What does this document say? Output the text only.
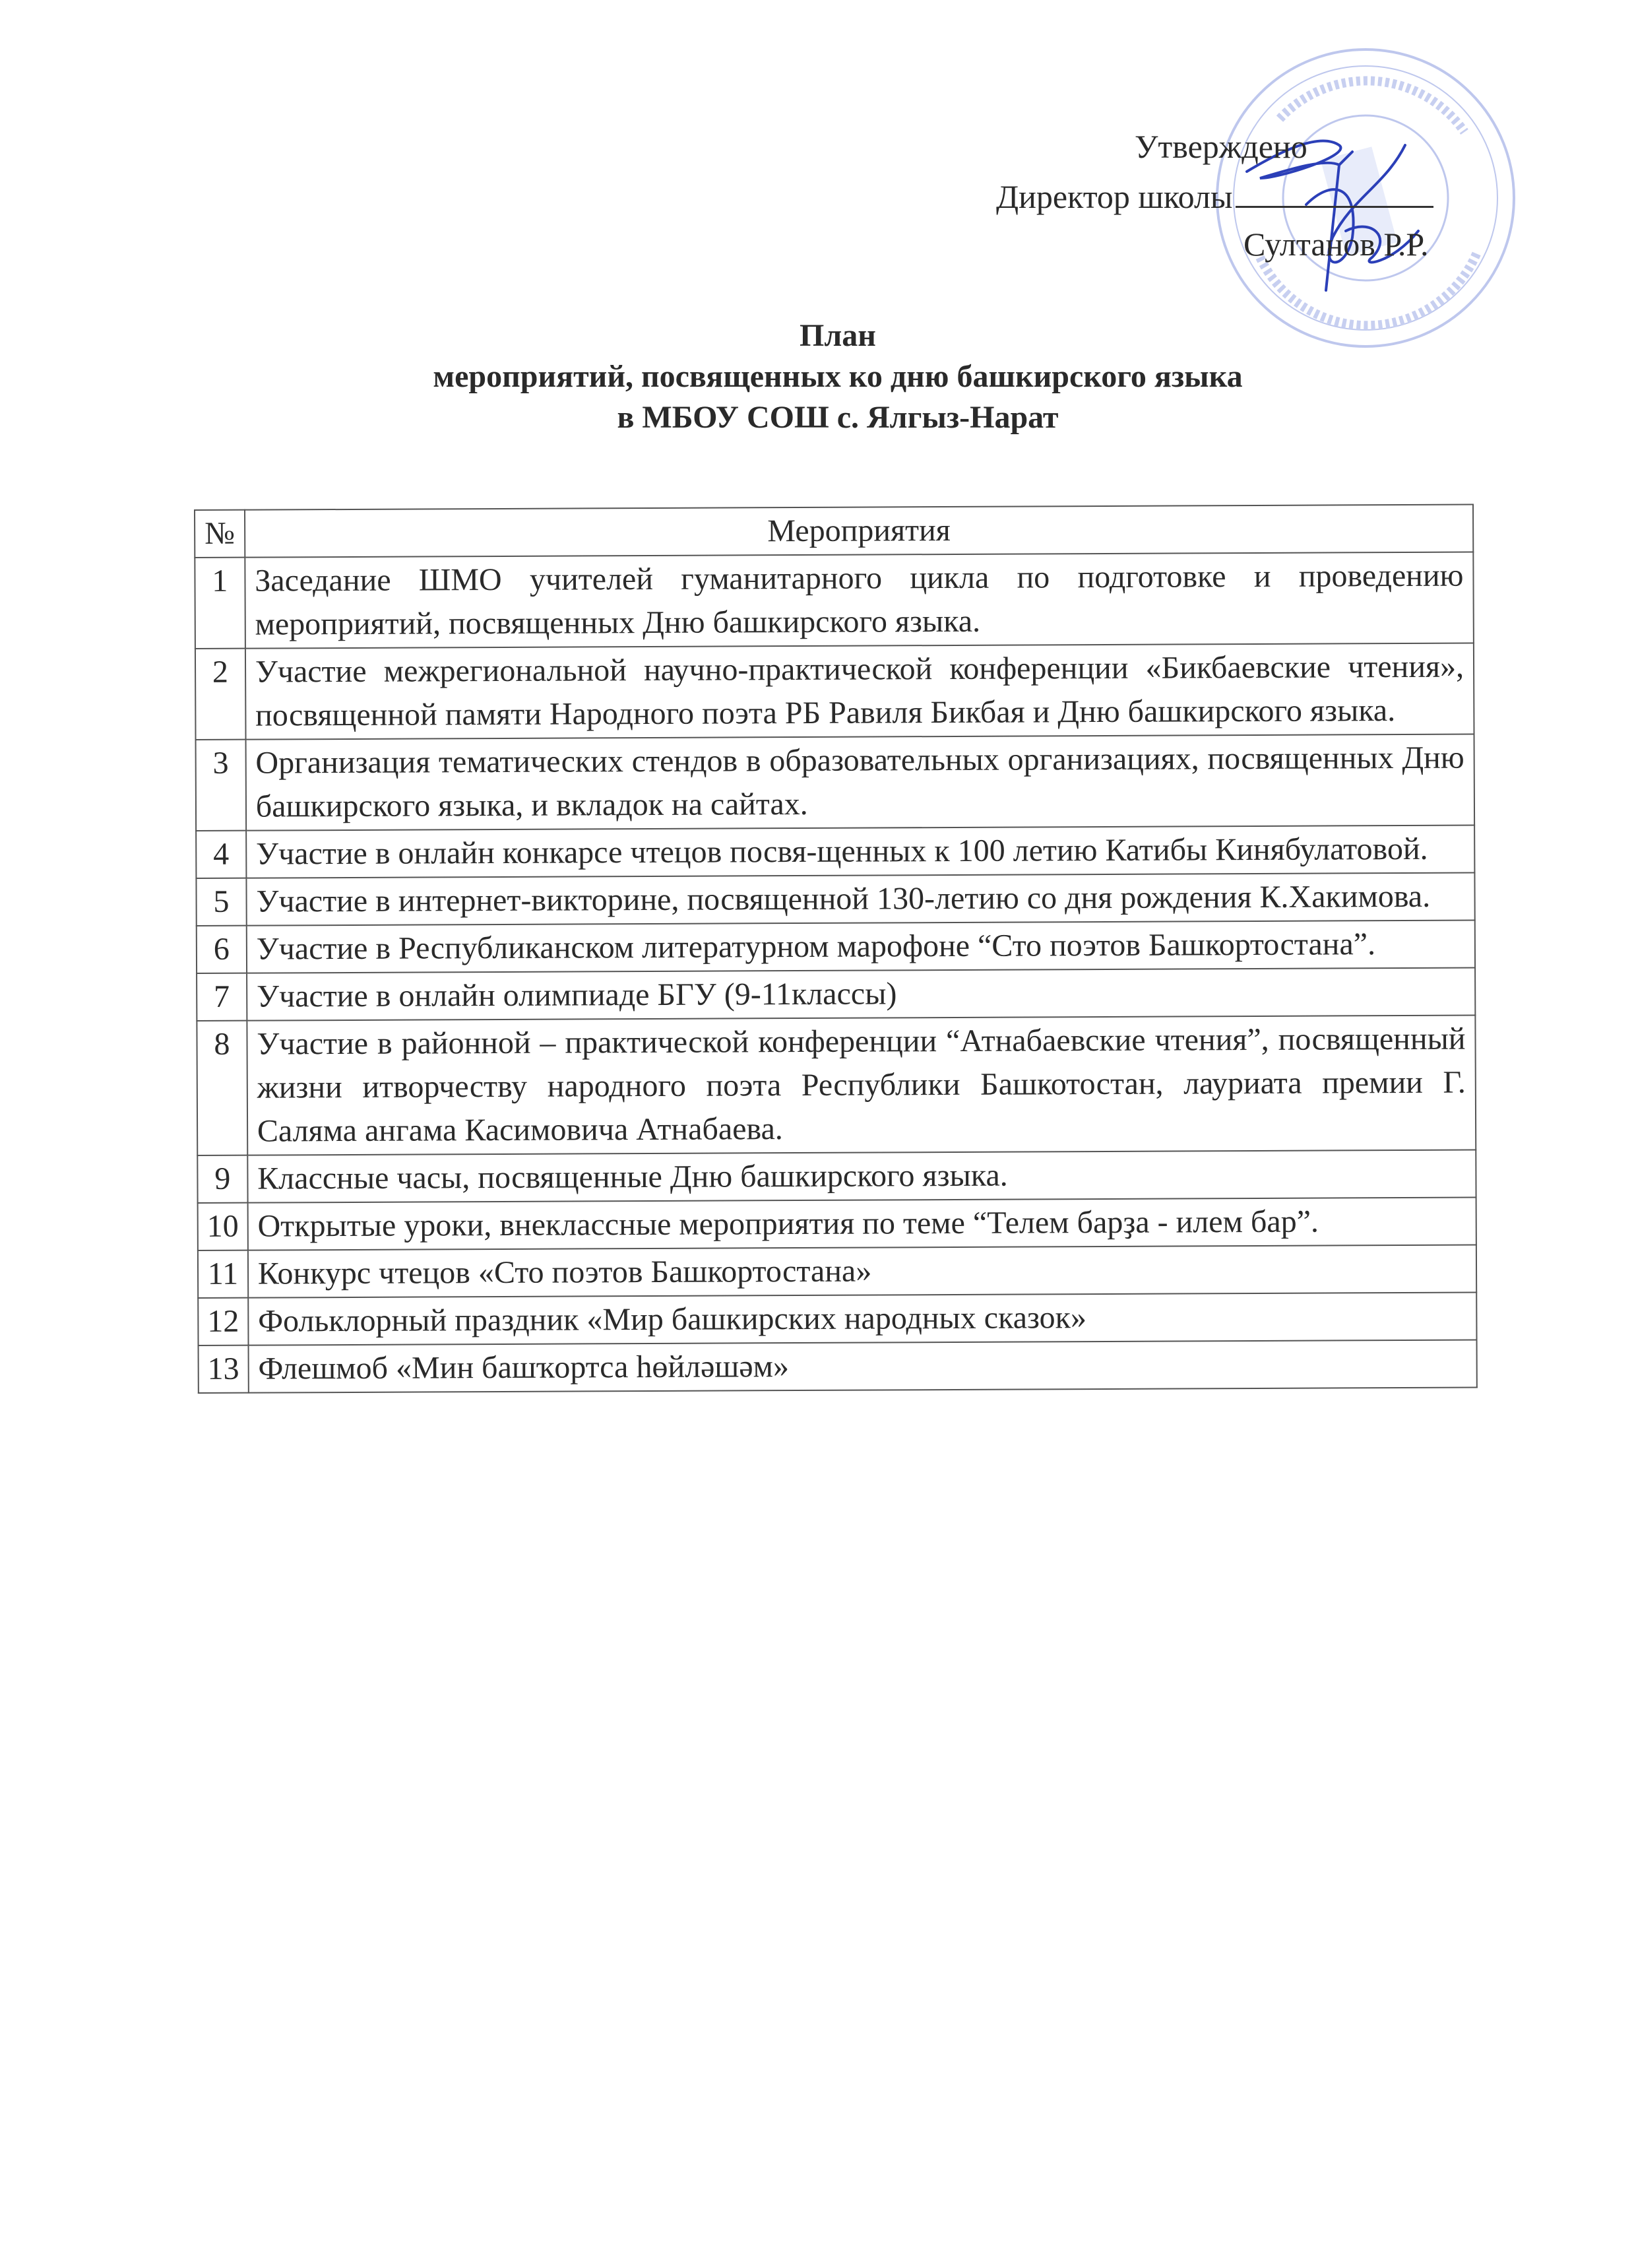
Утверждено
Директор школы
Султанов Р.Р.
План
мероприятий, посвященных ко дню башкирского языка
в МБОУ СОШ с. Ялгыз-Нарат
№	Мероприятия
1	Заседание ШМО учителей гуманитарного цикла по подготовке и проведению мероприятий, посвященных Дню башкирского языка.
2	Участие межрегиональной научно-практической конференции «Бикбаевские чтения», посвященной памяти Народного поэта РБ Равиля Бикбая и Дню башкирского языка.
3	Организация тематических стендов в образовательных организациях, посвященных Дню башкирского языка, и вкладок на сайтах.
4	Участие в онлайн конкарсе чтецов посвя-щенных к 100 летию Катибы Кинябулатовой.
5	Участие в интернет-викторине, посвященной 130-летию со дня рождения К.Хакимова.
6	Участие в Республиканском литературном марофоне “Сто поэтов Башкортостана”.
7	Участие в онлайн олимпиаде БГУ (9-11классы)
8	Участие в районной – практической конференции “Атнабаевские чтения”, посвященный жизни итворчеству народного поэта Республики Башкотостан, лауриата премии Г. Саляма ангама Касимовича Атнабаева.
9	Классные часы, посвященные Дню башкирского языка.
10	Открытые уроки, внеклассные мероприятия по теме “Телем барҙа - илем бар”.
11	Конкурс чтецов «Сто поэтов Башкортостана»
12	Фольклорный праздник «Мир башкирских народных сказок»
13	Флешмоб «Мин башҡортса һөйләшәм»
